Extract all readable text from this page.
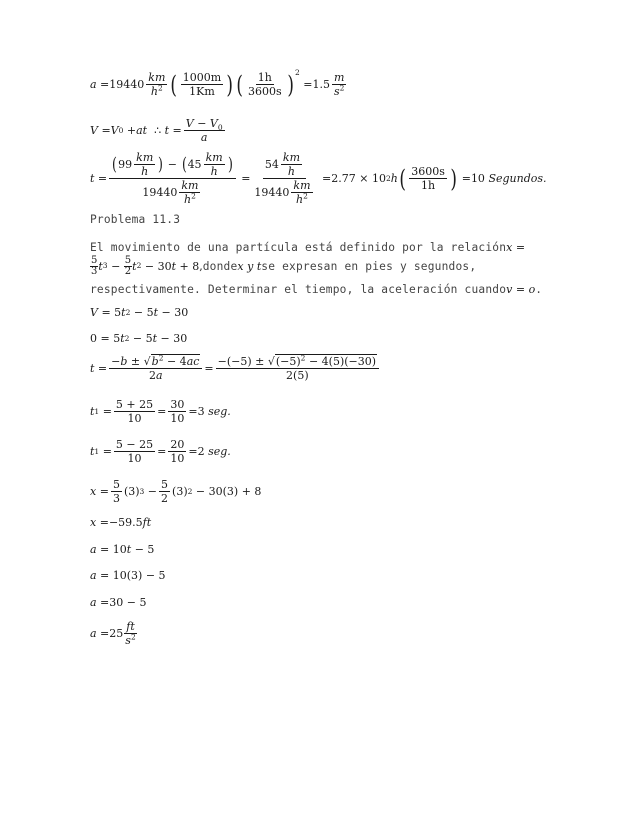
$a = 19440 \frac{km}{h^2}$ ( $\frac{1000m}{1Km}$ ) ( $\frac{1h}{3600s} )^2$
= $1.5 \frac{m}{s^2}$
V = V 0 + at
∴
$t = \frac{V - V_0}{a}$
$t = \frac{( 99 \frac{km}{h} ) - ( 45 \frac{km}{h} )}{19440 \frac{km}{h^2}} = \frac{54 \frac{km}{h}}{19440 \frac{km}{h^2}} = 2.77 \times 10$ 2 h ( $\frac{3600s}{1h}$ ) = 10
Segundos.
Problema 11.3
El movimiento de una partícula está definido por la relación x =
$\frac{5}{3}$ t $3 - \frac{5}{2}$ t 2 − 30 t + 8, donde x y t se expresan en pies y segundos,
respectivamente. Determinar el tiempo, la aceleración cuando v = o .
V = 5 t 2 − 5 t − 30
0 = 5 t 2 − 5 t − 30
$t = \frac{-b \pm √b^2 - 4ac}{2a} = \frac{-(-5) \pm √(-5)^2 - 4(5)(-30)}{2(5)}$
t $1 = \frac{5 + 25}{10} = \frac{30}{10} = 3$
seg.
t $1 = \frac{5 - 25}{10} = \frac{20}{10} = 2$
seg.
$x = \frac{5}{3} (3) 3 - \frac{5}{2} (3) 2 - 30(3) + 8$
x = −59.5 ft
a = 10 t − 5
a = 10(3) − 5
a = 30 − 5
$a = 25 \frac{ft}{s^2}$
